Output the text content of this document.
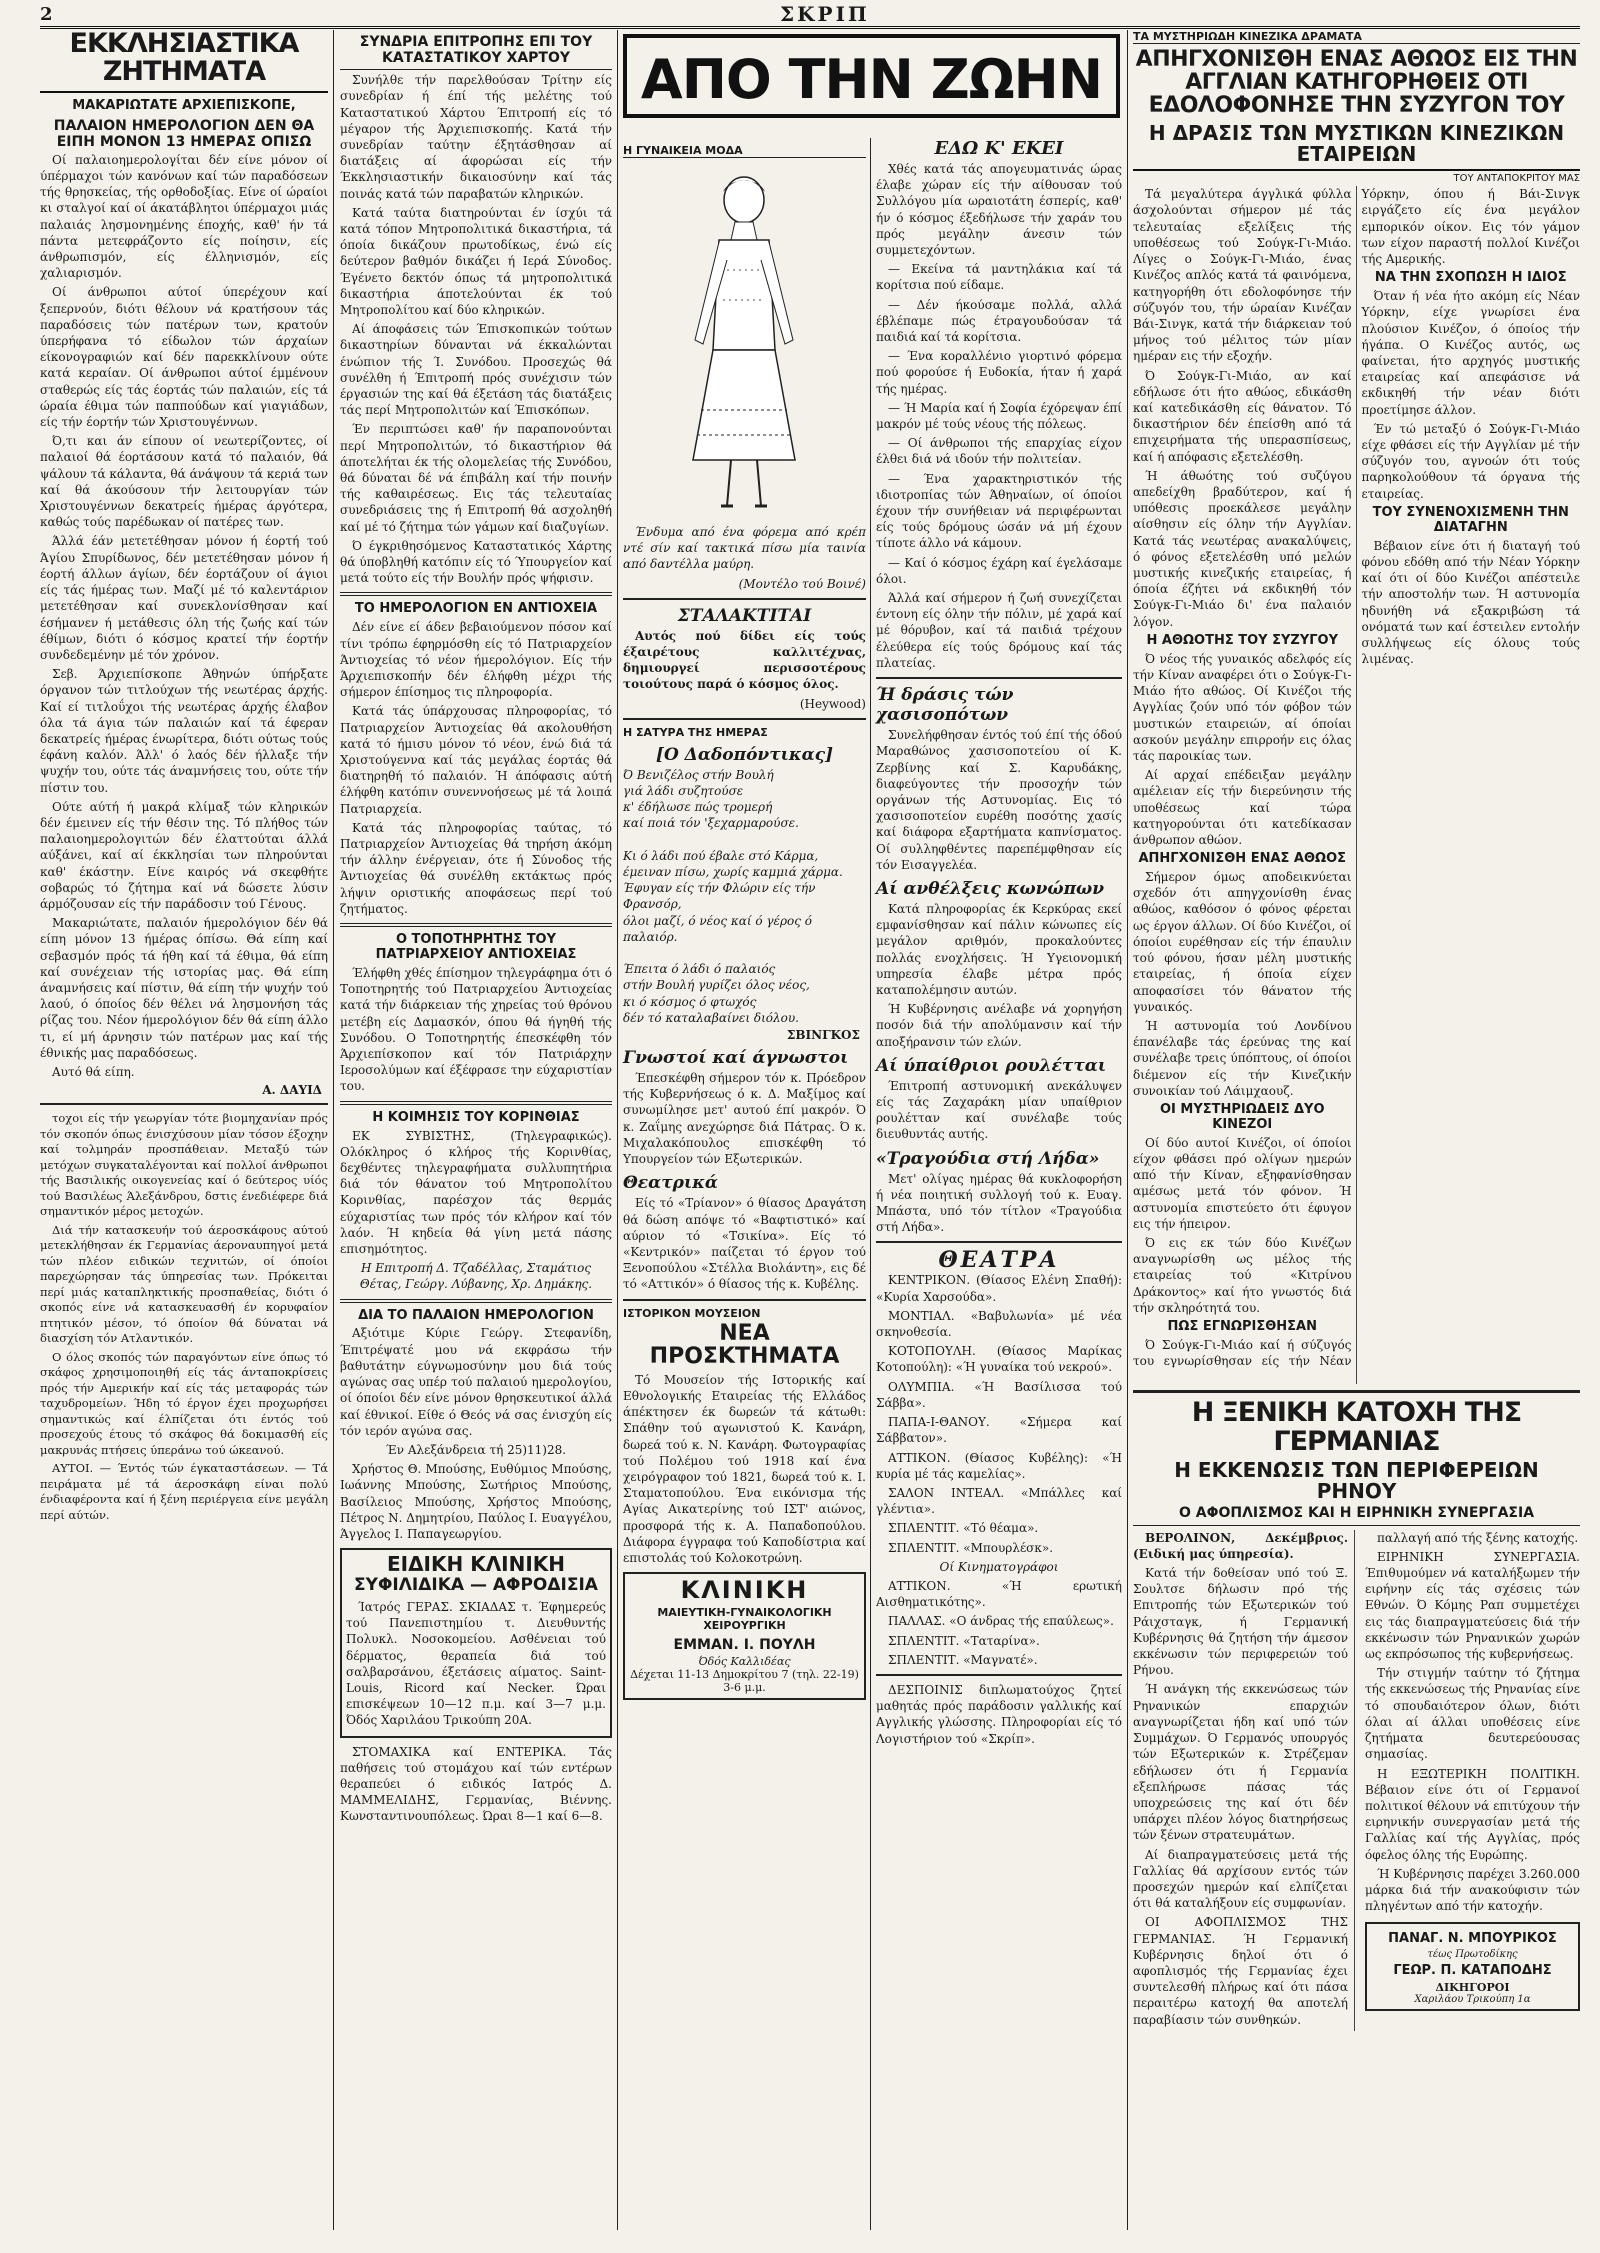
2	ΣΚΡΙΠ
ΕΚΚΛΗΣΙΑΣΤΙΚΑ ΖΗΤΗΜΑΤΑ
ΜΑΚΑΡΙΩΤΑΤΕ ΑΡΧΙΕΠΙΣΚΟΠΕ,
ΠΑΛΑΙΟΝ ΗΜΕΡΟΛΟΓΙΟΝ ΔΕΝ ΘΑ ΕΙΠΗ ΜΟΝΟΝ 13 ΗΜΕΡΑΣ ΟΠΙΣΩ

Οί παλαιοημερολογίται δέν είνε μόνον οί ύπέρμαχοι τών κανόνων καί τών παραδόσεων τής θρησκείας, τής ορθοδοξίας. Είνε οί ώραίοι κι σταλγοί καί οί άκατάβλητοι ύπέρμαχοι μιάς παλαιάς λησμονημένης έποχής, καθ' ήν τά πάντα μετεφράζοντο είς ποίησιν, είς άνθρωπισμόν, είς έλληνισμόν, είς χαλιαρισμόν.

Οί άνθρωποι αύτοί ύπερέχουν καί ξεπερνούν, διότι θέλουν νά κρατήσουν τάς παραδόσεις τών πατέρων των, κρατούν ύπερήφανα τό είδωλον τών άρχαίων είκονογραφιών καί δέν παρεκκλίνουν ούτε κατά κεραίαν. Οί άνθρωποι αύτοί έμμένουν σταθερώς είς τάς έορτάς τών παλαιών, είς τά ώραία έθιμα τών παππούδων καί γιαγιάδων, είς τήν έορτήν τών Χριστουγέννων.

Ό,τι και άν είπουν οί νεωτερίζοντες, οί παλαιοί θά έορτάσουν κατά τό παλαιόν, θά ψάλουν τά κάλαντα, θά άνάψουν τά κεριά των καί θά άκούσουν τήν λειτουργίαν τών Χριστουγέννων δεκατρείς ήμέρας άργότερα, καθώς τούς παρέδωκαν οί πατέρες των.

Άλλά έάν μετετέθησαν μόνον ή έορτή τού Άγίου Σπυρίδωνος, δέν μετετέθησαν μόνον ή έορτή άλλων άγίων, δέν έορτάζουν οί άγιοι είς τάς ήμέρας των. Μαζί μέ τό καλεντάριον μετετέθησαν καί συνεκλονίσθησαν καί έσήμανεν ή μετάθεσις όλη τής ζωής καί τών έθίμων, διότι ό κόσμος κρατεί τήν έορτήν συνδεδεμένην μέ τόν χρόνον.

Σεβ. Άρχιεπίσκοπε Άθηνών ύπήρξατε όργανον τών τιτλούχων τής νεωτέρας άρχής. Καί εί τιτλοΰχοι τής νεωτέρας άρχής έλαβον όλα τά άγια τών παλαιών καί τά έφεραν δεκατρείς ήμέρας ένωρίτερα, διότι ούτως τούς έφάνη καλόν. Άλλ' ό λαός δέν ήλλαξε τήν ψυχήν του, ούτε τάς άναμνήσεις του, ούτε τήν πίστιν του.

Ούτε αύτή ή μακρά κλίμαξ τών κληρικών δέν έμεινεν είς τήν θέσιν της. Τό πλήθος τών παλαιοημερολογιτών δέν έλαττούται άλλά αύξάνει, καί αί έκκλησίαι των πληρούνται καθ' έκάστην. Είνε καιρός νά σκεφθήτε σοβαρώς τό ζήτημα καί νά δώσετε λύσιν άρμόζουσαν είς τήν παράδοσιν τού Γένους.

Μακαριώτατε, παλαιόν ήμερολόγιον δέν θά είπη μόνον 13 ήμέρας όπίσω. Θά είπη καί σεβασμόν πρός τά ήθη καί τά έθιμα, θά είπη καί συνέχειαν τής ιστορίας μας. Θά είπη άναμνήσεις καί πίστιν, θά είπη τήν ψυχήν τού λαού, ό όποίος δέν θέλει νά λησμονήση τάς ρίζας του. Νέον ήμερολόγιον δέν θά είπη άλλο τι, εί μή άρνησιν τών πατέρων μας καί τής έθνικής μας παραδόσεως.

Αυτό θά είπη.

Α. ΔΑΥΙΔ

τοχοι είς τήν γεωργίαν τότε βιομηχανίαν πρός τόν σκοπόν όπως ένισχύσουν μίαν τόσον έξοχην καί τολμηράν προσπάθειαν. Μεταξύ τών μετόχων συγκαταλέγονται καί πολλοί άνθρωποι τής Βασιλικής οικογενείας καί ό δεύτερος υίός τού Βασιλέως Άλεξάνδρου, δστις ένεδιέφερε διά σημαντικόν μέρος μετοχών.

Διά τήν κατασκευήν τού άεροσκάφους αύτού μετεκλήθησαν έκ Γερμανίας άεροναυπηγοί μετά τών πλέον ειδικών τεχνιτών, οί όποίοι παρεχώρησαν τάς ύπηρεσίας των. Πρόκειται περί μιάς καταπληκτικής προσπαθείας, διότι ό σκοπός είνε νά κατασκευασθή έν κορυφαίον πτητικόν μέσον, τό όποίον θά δύναται νά διασχίση τόν Ατλαντικόν.

Ο όλος σκοπός τών παραγόντων είνε όπως τό σκάφος χρησιμοποιηθή είς τάς άνταποκρίσεις πρός τήν Αμερικήν καί είς τάς μεταφοράς τών ταχυδρομείων. Ήδη τό έργον έχει προχωρήσει σημαντικώς καί έλπίζεται ότι έντός τού προσεχούς έτους τό σκάφος θά δοκιμασθή είς μακρυνάς πτήσεις ύπεράνω τού ώκεανού.

ΑΥΤΟΙ. — Έντός τών έγκαταστάσεων. — Τά πειράματα μέ τά άεροσκάφη είναι πολύ ένδιαφέροντα καί ή ξένη περιέργεια είνε μεγάλη περί αύτών.

ΣΥΝΔΡΙΑ ΕΠΙΤΡΟΠΗΣ ΕΠΙ ΤΟΥ ΚΑΤΑΣΤΑΤΙΚΟΥ ΧΑΡΤΟΥ

Συνήλθε τήν παρελθούσαν Τρίτην είς συνεδρίαν ή έπί τής μελέτης τού Καταστατικού Χάρτου Έπιτροπή είς τό μέγαρον τής Άρχιεπισκοπής. Κατά τήν συνεδρίαν ταύτην έξητάσθησαν αί διατάξεις αί άφορώσαι είς τήν Έκκλησιαστικήν δικαιοσύνην καί τάς ποινάς κατά τών παραβατών κληρικών.

Κατά ταύτα διατηρούνται έν ίσχύι τά κατά τόπον Μητροπολιτικά δικαστήρια, τά όποία δικάζουν πρωτοδίκως, ένώ είς δεύτερον βαθμόν δικάζει ή Ιερά Σύνοδος. Έγένετο δεκτόν όπως τά μητροπολιτικά δικαστήρια άποτελούνται έκ τού Μητροπολίτου καί δύο κληρικών.

Αί άποφάσεις τών Έπισκοπικών τούτων δικαστηρίων δύνανται νά έκκαλώνται ένώπιον τής Ί. Συνόδου. Προσεχώς θά συνέλθη ή Έπιτροπή πρός συνέχισιν τών έργασιών της καί θά έξετάση τάς διατάξεις τάς περί Μητροπολιτών καί Έπισκόπων.

Έν περιπτώσει καθ' ήν παραπονούνται περί Μητροπολιτών, τό δικαστήριον θά άποτελήται έκ τής ολομελείας τής Συνόδου, θά δύναται δέ νά έπιβάλη καί τήν ποινήν τής καθαιρέσεως. Εις τάς τελευταίας συνεδριάσεις της ή Επιτροπή θά ασχοληθή καί μέ τό ζήτημα τών γάμων καί διαζυγίων.

Ό έγκριθησόμενος Καταστατικός Χάρτης θά ύποβληθή κατόπιν είς τό Ύπουργείον καί μετά τούτο είς τήν Βουλήν πρός ψήφισιν.

ΤΟ ΗΜΕΡΟΛΟΓΙΟΝ ΕΝ ΑΝΤΙΟΧΕΙΑ

Δέν είνε εί άδεν βεβαιούμενον πόσον καί τίνι τρόπω έφηρμόσθη είς τό Πατριαρχείον Άντιοχείας τό νέον ήμερολόγιον. Είς τήν Άρχιεπισκοπήν δέν έλήφθη μέχρι τής σήμερον έπίσημος τις πληροφορία.

Κατά τάς ύπάρχουσας πληροφορίας, τό Πατριαρχείον Άντιοχείας θά ακολουθήση κατά τό ήμισυ μόνον τό νέον, ένώ διά τά Χριστούγεννα καί τάς μεγάλας έορτάς θά διατηρηθή τό παλαιόν. Ή άπόφασις αύτή έλήφθη κατόπιν συνεννοήσεως μέ τά λοιπά Πατριαρχεία.

Κατά τάς πληροφορίας ταύτας, τό Πατριαρχείον Άντιοχείας θά τηρήση άκόμη τήν άλλην ένέργειαν, ότε ή Σύνοδος τής Άντιοχείας θά συνέλθη εκτάκτως πρός λήψιν οριστικής αποφάσεως περί τού ζητήματος.

Ο ΤΟΠΟΤΗΡΗΤΗΣ ΤΟΥ ΠΑΤΡΙΑΡΧΕΙΟΥ ΑΝΤΙΟΧΕΙΑΣ

Έλήφθη χθές έπίσημον τηλεγράφημα ότι ό Τοποτηρητής τού Πατριαρχείου Άντιοχείας κατά τήν διάρκειαν τής χηρείας τού θρόνου μετέβη είς Δαμασκόν, όπου θά ήγηθή τής Συνόδου. Ο Τοποτηρητής έπεσκέφθη τόν Άρχιεπίσκοπον καί τόν Πατριάρχην Ιεροσολύμων καί έξέφρασε την εύχαριστίαν του.

Η ΚΟΙΜΗΣΙΣ ΤΟΥ ΚΟΡΙΝΘΙΑΣ

ΕΚ ΣΥΒΙΣΤΗΣ, (Τηλεγραφικώς). Ολόκληρος ό κλήρος τής Κορινθίας, δεχθέντες τηλεγραφήματα συλλυπητήρια διά τόν θάνατον τού Μητροπολίτου Κορινθίας, παρέσχον τάς θερμάς εύχαριστίας των πρός τόν κλήρον καί τόν λαόν. Ή κηδεία θά γίνη μετά πάσης επισημότητος.

Η Επιτροπή Δ. Τζαδέλλας, Σταμάτιος Θέτας, Γεώργ. Λύβανης, Χρ. Δημάκης.

ΔΙΑ ΤΟ ΠΑΛΑΙΟΝ ΗΜΕΡΟΛΟΓΙΟΝ

Αξιότιμε Κύριε Γεώργ. Στεφανίδη, Έπιτρέψατέ μου νά εκφράσω τήν βαθυτάτην εύγνωμοσύνην μου διά τούς αγώνας σας υπέρ τού παλαιού ημερολογίου, οί όποίοι δέν είνε μόνον θρησκευτικοί άλλά καί έθνικοί. Είθε ό Θεός νά σας ένισχύη είς τόν ιερόν αγώνα σας.

Έν Αλεξάνδρεια τή 25)11)28.

Χρήστος Θ. Μπούσης, Ευθύμιος Μπούσης, Ιωάννης Μπούσης, Σωτήριος Μπούσης, Βασίλειος Μπούσης, Χρήστος Μπούσης, Πέτρος Ν. Δημητρίου, Παύλος Ι. Ευαγγέλου, Άγγελος Ι. Παπαγεωργίου.

ΕΙΔΙΚΗ ΚΛΙΝΙΚΗ
ΣΥΦΙΛΙΔΙΚΑ — ΑΦΡΟΔΙΣΙΑ

Ίατρός ΓΕΡΑΣ. ΣΚΙΑΔΑΣ τ. Έφημερεύς τού Πανεπιστημίου τ. Διευθυντής Πολυκλ. Νοσοκομείου. Ασθένειαι τού δέρματος, θεραπεία διά τού σαλβαρσάνου, έξετάσεις αίματος. Saint-Louis, Ricord καί Necker. Ώραι επισκέψεων 10—12 π.μ. καί 3—7 μ.μ. Όδός Χαριλάου Τρικούπη 20Α.

ΣΤΟΜΑΧΙΚΑ καί ΕΝΤΕΡΙΚΑ. Τάς παθήσεις τού στομάχου καί τών εντέρων θεραπεύει ό ειδικός Ιατρός Δ. ΜΑΜΜΕΛΙΔΗΣ, Γερμανίας, Βιέννης. Κωνσταντινουπόλεως. Ώραι 8—1 καί 6—8.

ΑΠΟ ΤΗΝ ΖΩΗΝ
Η ΓΥΝΑΙΚΕΙΑ ΜΟΔΑ

Ένδυμα από ένα φόρεμα από κρέπ ντέ σίν καί τακτικά πίσω μία ταινία από δαντέλλα μαύρη.

(Μοντέλο τού Βοινέ)

ΣΤΑΛΑΚΤΙΤΑΙ

Αυτός πού δίδει είς τούς έξαιρέτους καλλιτέχνας, δημιουργεί περισσοτέρους τοιούτους παρά ό κόσμος όλος.

(Heywood)

Η ΣΑΤΥΡΑ ΤΗΣ ΗΜΕΡΑΣ
[Ο Δαδοπόντικας]

Ό Βενιζέλος στήν Βουλή

γιά λάδι συζητούσε

κ' έδήλωσε πώς τρομερή

καί ποιά τόν 'ξεχαρμαρούσε.

Κι ό λάδι πού έβαλε στό Κάρμα,

έμειναν πίσω, χωρίς καμμιά χάρμα.

Έφυγαν είς τήν Φλώριν είς τήν Φρανσόρ,

όλοι μαζί, ό νέος καί ό γέρος ό παλαιόρ.

Έπειτα ό λάδι ό παλαιός

στήν Βουλή γυρίζει όλος νέος,

κι ό κόσμος ό φτωχός

δέν τό καταλαβαίνει διόλου.

ΣΒΙΝΓΚΟΣ
Γνωστοί καί άγνωστοι

Έπεσκέφθη σήμερον τόν κ. Πρόεδρον τής Κυβερνήσεως ό κ. Δ. Μαξίμος καί συνωμίλησε μετ' αυτού έπί μακρόν. Ό κ. Ζαΐμης ανεχώρησε διά Πάτρας. Ό κ. Μιχαλακόπουλος επισκέφθη τό Υπουργείον τών Εξωτερικών.

Θεατρικά

Είς τό «Τρίανον» ό θίασος Δραγάτση θά δώση απόψε τό «Βαφτιστικό» καί αύριον τό «Τσικίνα». Είς τό «Κεντρικόν» παίζεται τό έργον τού Ξενοπούλου «Στέλλα Βιολάντη», εις δέ τό «Αττικόν» ό θίασος τής κ. Κυβέλης.

ΙΣΤΟΡΙΚΟΝ ΜΟΥΣΕΙΟΝ
ΝΕΑ ΠΡΟΣΚΤΗΜΑΤΑ

Τό Μουσείον τής Ιστορικής καί Εθνολογικής Εταιρείας τής Ελλάδος άπέκτησεν έκ δωρεών τά κάτωθι: Σπάθην τού αγωνιστού Κ. Κανάρη, δωρεά τού κ. Ν. Κανάρη. Φωτογραφίας τού Πολέμου τού 1918 καί ένα χειρόγραφον τού 1821, δωρεά τού κ. Ι. Σταματοπούλου. Ένα εικόνισμα τής Αγίας Αικατερίνης τού ΙΣΤ' αιώνος, προσφορά τής κ. Α. Παπαδοπούλου. Διάφορα έγγραφα τού Καποδίστρια καί επιστολάς τού Κολοκοτρώνη.

ΚΛΙΝΙΚΗ
ΜΑΙΕΥΤΙΚΗ-ΓΥΝΑΙΚΟΛΟΓΙΚΗ ΧΕΙΡΟΥΡΓΙΚΗ
ΕΜΜΑΝ. Ι. ΠΟΥΛΗ
Όδός Καλλιδέας
Δέχεται 11-13 Δημοκρίτου 7 (τηλ. 22-19) 3-6 μ.μ.
ΕΔΩ Κ' ΕΚΕΙ

Χθές κατά τάς απογευματινάς ώρας έλαβε χώραν είς τήν αίθουσαν τού Συλλόγου μία ωραιοτάτη έσπερίς, καθ' ήν ό κόσμος έξεδήλωσε τήν χαράν του πρός μεγάλην άνεσιν τών συμμετεχόντων.

— Εκείνα τά μαντηλάκια καί τά κορίτσια πού είδαμε.

— Δέν ήκούσαμε πολλά, αλλά έβλέπαμε πώς έτραγουδούσαν τά παιδιά καί τά κορίτσια.

— Ένα κοραλλένιο γιορτινό φόρεμα πού φορούσε ή Ευδοκία, ήταν ή χαρά τής ημέρας.

— Ή Μαρία καί ή Σοφία έχόρεψαν έπί μακρόν μέ τούς νέους τής πόλεως.

— Οί άνθρωποι τής επαρχίας είχον έλθει διά νά ιδούν τήν πολιτείαν.

— Ένα χαρακτηριστικόν τής ιδιοτροπίας τών Άθηναίων, οί όποίοι έχουν τήν συνήθειαν νά περιφέρωνται είς τούς δρόμους ώσάν νά μή έχουν τίποτε άλλο νά κάμουν.

— Καί ό κόσμος έχάρη καί έγελάσαμε όλοι.

Άλλά καί σήμερον ή ζωή συνεχίζεται έντονη είς όλην τήν πόλιν, μέ χαρά καί μέ θόρυβον, καί τά παιδιά τρέχουν έλεύθερα είς τούς δρόμους καί τάς πλατείας.

Ή δράσις τών χασισοπότων

Συνελήφθησαν έντός τού έπί τής όδού Μαραθώνος χασισοποτείου οί Κ. Ζερβίνης καί Σ. Καρυδάκης, διαφεύγοντες τήν προσοχήν τών οργάνων τής Αστυνομίας. Εις τό χασισοποτείον ευρέθη ποσότης χασίς καί διάφορα εξαρτήματα καπνίσματος. Οί συλληφθέντες παρεπέμφθησαν είς τόν Εισαγγελέα.

Αί ανθέλξεις κωνώπων

Κατά πληροφορίας έκ Κερκύρας εκεί εμφανίσθησαν καί πάλιν κώνωπες είς μεγάλον αριθμόν, προκαλούντες πολλάς ενοχλήσεις. Ή Υγειονομική υπηρεσία έλαβε μέτρα πρός καταπολέμησιν αυτών.

Ή Κυβέρνησις ανέλαβε νά χορηγήση ποσόν διά τήν απολύμανσιν καί τήν αποξήρανσιν τών ελών.

Αί ύπαίθριοι ρουλέτται

Έπιτροπή αστυνομική ανεκάλυψεν είς τάς Ζαχαράκη μίαν υπαίθριον ρουλέτταν καί συνέλαβε τούς διευθυντάς αυτής.

«Τραγούδια στή Λήδα»

Μετ' ολίγας ημέρας θά κυκλοφορήση ή νέα ποιητική συλλογή τού κ. Ευαγ. Μπάστα, υπό τόν τίτλον «Τραγούδια στή Λήδα».

ΘΕΑΤΡΑ

ΚΕΝΤΡΙΚΟΝ. (Θίασος Ελένη Σπαθή): «Κυρία Χαρσούδα».

ΜΟΝΤΙΑΛ. «Βαβυλωνία» μέ νέα σκηνοθεσία.

ΚΟΤΟΠΟΥΛΗ. (Θίασος Μαρίκας Κοτοπούλη): «Ή γυναίκα τού νεκρού».

ΟΛΥΜΠΙΑ. «Ή Βασίλισσα τού Σάββα».

ΠΑΠΑ-Ι-ΘΑΝΟΥ. «Σήμερα καί Σάββατον».

ΑΤΤΙΚΟΝ. (Θίασος Κυβέλης): «Ή κυρία μέ τάς καμελίας».

ΣΑΛΟΝ ΙΝΤΕΑΛ. «Μπάλλες καί γλέντια».

ΣΠΛΕΝΤΙΤ. «Τό θέαμα».

ΣΠΛΕΝΤΙΤ. «Μπουρλέσκ».

Οί Κινηματογράφοι

ΑΤΤΙΚΟΝ. «Ή ερωτική Αισθηματικότης».

ΠΑΛΛΑΣ. «Ο άνδρας τής επαύλεως».

ΣΠΛΕΝΤΙΤ. «Ταταρίνα».

ΣΠΛΕΝΤΙΤ. «Μαγνατέ».

ΔΕΣΠΟΙΝΙΣ διπλωματούχος ζητεί μαθητάς πρός παράδοσιν γαλλικής καί Αγγλικής γλώσσης. Πληροφορίαι είς τό Λογιστήριον τού «Σκρίπ».

ΤΑ ΜΥΣΤΗΡΙΩΔΗ ΚΙΝΕΖΙΚΑ ΔΡΑΜΑΤΑ
ΑΠΗΓΧΟΝΙΣΘΗ ΕΝΑΣ ΑΘΩΟΣ ΕΙΣ ΤΗΝ ΑΓΓΛΙΑΝ ΚΑΤΗΓΟΡΗΘΕΙΣ ΟΤΙ ΕΔΟΛΟΦΟΝΗΣΕ ΤΗΝ ΣΥΖΥΓΟΝ ΤΟΥ
Η ΔΡΑΣΙΣ ΤΩΝ ΜΥΣΤΙΚΩΝ ΚΙΝΕΖΙΚΩΝ ΕΤΑΙΡΕΙΩΝ
ΤΟΥ ΑΝΤΑΠΟΚΡΙΤΟΥ ΜΑΣ

Τά μεγαλύτερα άγγλικά φύλλα άσχολούνται σήμερον μέ τάς τελευταίας εξελίξεις τής υποθέσεως τού Σούγκ-Γι-Μιάο. Λίγες ο Σούγκ-Γι-Μιάο, ένας Κινέζος απλός κατά τά φαινόμενα, κατηγορήθη ότι εδολοφόνησε τήν σύζυγόν του, τήν ώραίαν Κινέζαν Βάι-Σινγκ, κατά τήν διάρκειαν τού μήνος τού μέλιτος τών μίαν ημέραν εις τήν εξοχήν.

Ό Σούγκ-Γι-Μιάο, αν καί εδήλωσε ότι ήτο αθώος, εδικάσθη καί κατεδικάσθη είς θάνατον. Τό δικαστήριον δέν έπείσθη από τά επιχειρήματα τής υπερασπίσεως, καί ή απόφασις εξετελέσθη.

Ή άθωότης τού συζύγου απεδείχθη βραδύτερον, καί ή υπόθεσις προεκάλεσε μεγάλην αίσθησιν είς όλην τήν Αγγλίαν. Κατά τάς νεωτέρας ανακαλύψεις, ό φόνος εξετελέσθη υπό μελών μυστικής κινεζικής εταιρείας, ή όποία έζήτει νά εκδικηθή τόν Σούγκ-Γι-Μιάο δι' ένα παλαιόν λόγον.

Η ΑΘΩΟΤΗΣ ΤΟΥ ΣΥΖΥΓΟΥ

Ό νέος τής γυναικός αδελφός είς τήν Κίναν αναφέρει ότι ο Σούγκ-Γι-Μιάο ήτο αθώος. Οί Κινέζοι τής Αγγλίας ζούν υπό τόν φόβον τών μυστικών εταιρειών, αί όποίαι ασκούν μεγάλην επιρροήν εις όλας τάς παροικίας των.

Αί αρχαί επέδειξαν μεγάλην αμέλειαν είς τήν διερεύνησιν τής υποθέσεως καί τώρα κατηγορούνται ότι κατεδίκασαν άνθρωπον αθώον.

ΑΠΗΓΧΟΝΙΣΘΗ ΕΝΑΣ ΑΘΩΟΣ

Σήμερον όμως αποδεικνύεται σχεδόν ότι απηγχονίσθη ένας αθώος, καθόσον ό φόνος φέρεται ως έργον άλλων. Οί δύο Κινέζοι, οί όποίοι ευρέθησαν είς τήν έπαυλιν τού φόνου, ήσαν μέλη μυστικής εταιρείας, ή όποία είχεν αποφασίσει τόν θάνατον τής γυναικός.

Ή αστυνομία τού Λονδίνου έπανέλαβε τάς έρεύνας της καί συνέλαβε τρεις ύπόπτους, οί όποίοι διέμενον είς τήν Κινεζικήν συνοικίαν τού Λάιμχαουζ.

ΟΙ ΜΥΣΤΗΡΙΩΔΕΙΣ ΔΥΟ ΚΙΝΕΖΟΙ

Οί δύο αυτοί Κινέζοι, οί όποίοι είχον φθάσει πρό ολίγων ημερών από τήν Κίναν, εξηφανίσθησαν αμέσως μετά τόν φόνον. Ή αστυνομία επιστεύετο ότι έφυγον εις τήν ήπειρον.

Ό εις εκ τών δύο Κινέζων αναγνωρίσθη ως μέλος τής εταιρείας τού «Κιτρίνου Δράκοντος» καί ήτο γνωστός διά τήν σκληρότητά του.

ΠΩΣ ΕΓΝΩΡΙΣΘΗΣΑΝ

Ό Σούγκ-Γι-Μιάο καί ή σύζυγός του εγνωρίσθησαν είς τήν Νέαν Υόρκην, όπου ή Βάι-Σινγκ ειργάζετο είς ένα μεγάλον εμπορικόν οίκον. Εις τόν γάμον των είχον παραστή πολλοί Κινέζοι τής Αμερικής.

ΝΑ ΤΗΝ ΣΧΟΠΩΣΗ Η ΙΔΙΟΣ

Όταν ή νέα ήτο ακόμη είς Νέαν Υόρκην, είχε γνωρίσει ένα πλούσιον Κινέζον, ό όποίος τήν ήγάπα. Ο Κινέζος αυτός, ως φαίνεται, ήτο αρχηγός μυστικής εταιρείας καί απεφάσισε νά εκδικηθή τήν νέαν διότι προετίμησε άλλον.

Έν τώ μεταξύ ό Σούγκ-Γι-Μιάο είχε φθάσει είς τήν Αγγλίαν μέ τήν σύζυγόν του, αγνοών ότι τούς παρηκολούθουν τά όργανα τής εταιρείας.

ΤΟΥ ΣΥΝΕΝΟΧΙΣΜΕΝΗ ΤΗΝ ΔΙΑΤΑΓΗΝ

Βέβαιον είνε ότι ή διαταγή τού φόνου εδόθη από τήν Νέαν Υόρκην καί ότι οί δύο Κινέζοι απέστειλε τήν αποστολήν των. Ή αστυνομία ηδυνήθη νά εξακριβώση τά ονόματά των καί έστειλεν εντολήν συλλήψεως είς όλους τούς λιμένας.

Η ΞΕΝΙΚΗ ΚΑΤΟΧΗ ΤΗΣ ΓΕΡΜΑΝΙΑΣ
Η ΕΚΚΕΝΩΣΙΣ ΤΩΝ ΠΕΡΙΦΕΡΕΙΩΝ ΡΗΝΟΥ
Ο ΑΦΟΠΛΙΣΜΟΣ ΚΑΙ Η ΕΙΡΗΝΙΚΗ ΣΥΝΕΡΓΑΣΙΑ

ΒΕΡΟΛΙΝΟΝ, Δεκέμβριος. (Ειδική μας ύπηρεσία).

Κατά τήν δοθείσαν υπό τού Ξ. Σουλτσε δήλωσιν πρό τής Επιτροπής τών Εξωτερικών τού Ράιχσταγκ, ή Γερμανική Κυβέρνησις θά ζητήση τήν άμεσον εκκένωσιν τών περιφερειών τού Ρήνου.

Ή ανάγκη τής εκκενώσεως τών Ρηνανικών επαρχιών αναγνωρίζεται ήδη καί υπό τών Συμμάχων. Ό Γερμανός υπουργός τών Εξωτερικών κ. Στρέζεμαν εδήλωσεν ότι ή Γερμανία εξεπλήρωσε πάσας τάς υποχρεώσεις της καί ότι δέν υπάρχει πλέον λόγος διατηρήσεως τών ξένων στρατευμάτων.

Αί διαπραγματεύσεις μετά τής Γαλλίας θά αρχίσουν εντός τών προσεχών ημερών καί ελπίζεται ότι θά καταλήξουν είς συμφωνίαν.

ΟΙ ΑΦΟΠΛΙΣΜΟΣ ΤΗΣ ΓΕΡΜΑΝΙΑΣ. Ή Γερμανική Κυβέρνησις δηλοί ότι ό αφοπλισμός τής Γερμανίας έχει συντελεσθή πλήρως καί ότι πάσα περαιτέρω κατοχή θα αποτελή παραβίασιν τών συνθηκών.

παλλαγή από τής ξένης κατοχής.

ΕΙΡΗΝΙΚΗ ΣΥΝΕΡΓΑΣΙΑ. Έπιθυμούμεν νά καταλήξωμεν τήν ειρήνην είς τάς σχέσεις τών Εθνών. Ό Κόμης Ραπ συμμετέχει εις τάς διαπραγματεύσεις διά τήν εκκένωσιν τών Ρηνανικών χωρών ως εκπρόσωπος τής κυβερνήσεως.

Τήν στιγμήν ταύτην τό ζήτημα τής εκκενώσεως τής Ρηνανίας είνε τό σπουδαιότερον όλων, διότι όλαι αί άλλαι υποθέσεις είνε ζητήματα δευτερεύουσας σημασίας.

Η ΕΞΩΤΕΡΙΚΗ ΠΟΛΙΤΙΚΗ. Βέβαιον είνε ότι οί Γερμανοί πολιτικοί θέλουν νά επιτύχουν τήν ειρηνικήν συνεργασίαν μετά τής Γαλλίας καί τής Αγγλίας, πρός όφελος όλης τής Ευρώπης.

Ή Κυβέρνησις παρέχει 3.260.000 μάρκα διά τήν ανακούφισιν τών πληγέντων από τήν κατοχήν.

ΠΑΝΑΓ. Ν. ΜΠΟΥΡΙΚΟΣ
τέως Πρωτοδίκης
ΓΕΩΡ. Π. ΚΑΤΑΠΟΔΗΣ
ΔΙΚΗΓΟΡΟΙ
Χαριλάου Τρικούπη 1α
